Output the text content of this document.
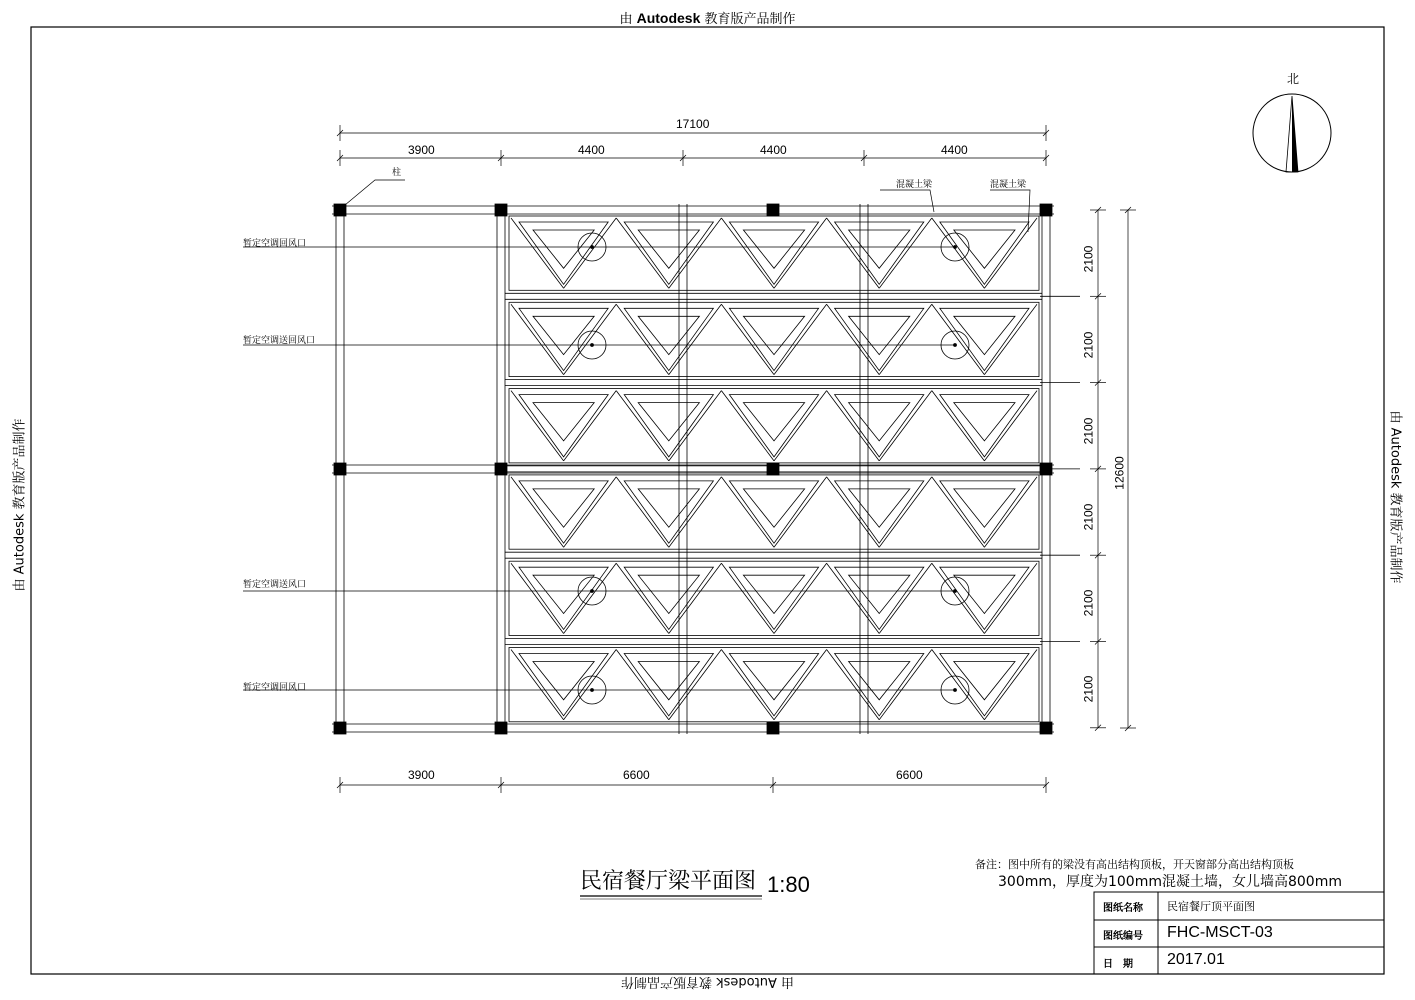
由 Autodesk 教育版产品制作
由 Autodesk 教育版产品制作
由 Autodesk 教育版产品制作	由 Autodesk 教育版产品制作
北
17100
3900	4400	4400	4400
3900	6600	6600
2100
2100
2100
2100
2100
2100
12600
柱
混凝土梁	混凝土梁
暂定空调回风口
暂定空调送回风口
暂定空调送风口
暂定空调回风口
民宿餐厅梁平面图 1:80
备注：图中所有的梁没有高出结构顶板，开天窗部分高出结构顶板
300mm，厚度为100mm混凝土墙，女儿墙高800mm
图纸名称 民宿餐厅顶平面图
图纸编号 FHC-MSCT-03
日　期 2017.01
